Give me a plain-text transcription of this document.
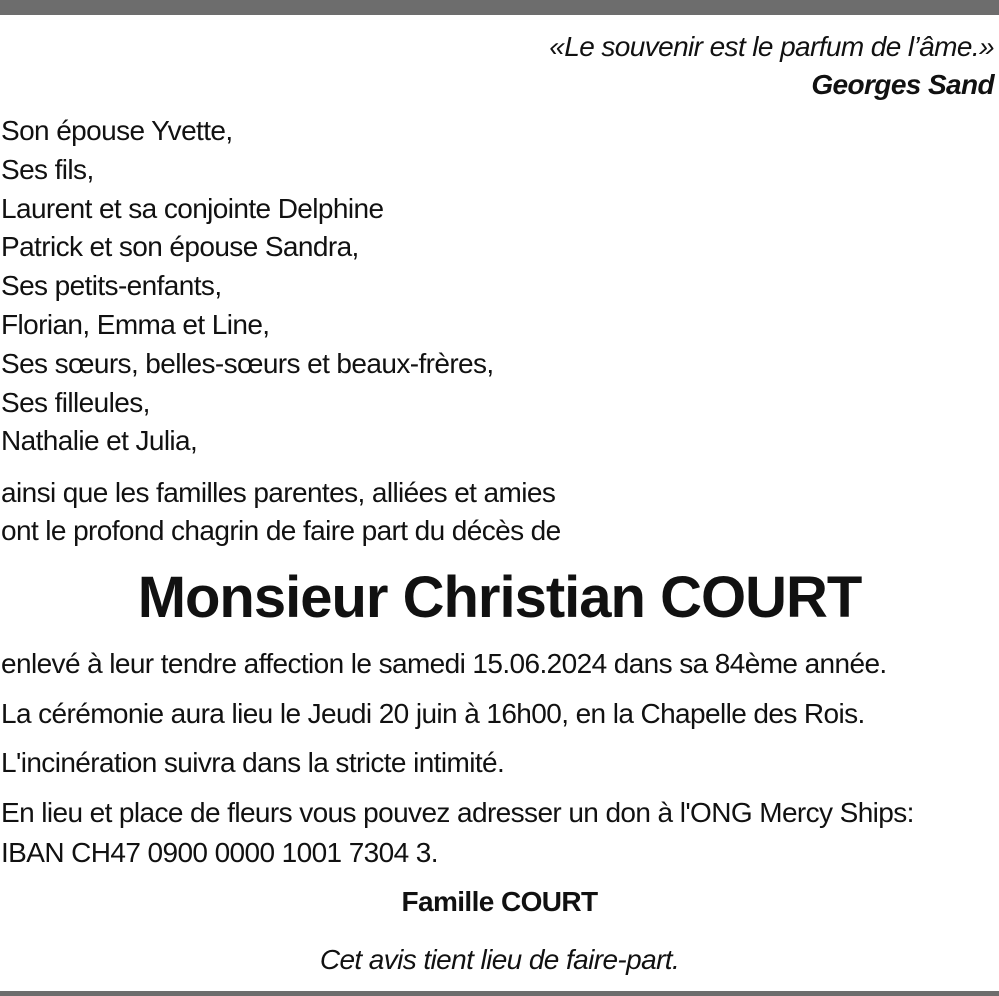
«Le souvenir est le parfum de l’âme.»
Georges Sand
Son épouse Yvette,
Ses fils,
Laurent et sa conjointe Delphine
Patrick et son épouse Sandra,
Ses petits-enfants,
Florian, Emma et Line,
Ses sœurs, belles-sœurs et beaux-frères,
Ses filleules,
Nathalie et Julia,
ainsi que les familles parentes, alliées et amies
ont le profond chagrin de faire part du décès de
Monsieur Christian COURT
enlevé à leur tendre affection le samedi 15.06.2024 dans sa 84ème année.
La cérémonie aura lieu le Jeudi 20 juin à 16h00, en la Chapelle des Rois.
L'incinération suivra dans la stricte intimité.
En lieu et place de fleurs vous pouvez adresser un don à l'ONG Mercy Ships:
IBAN CH47 0900 0000 1001 7304 3.
Famille COURT
Cet avis tient lieu de faire-part.
